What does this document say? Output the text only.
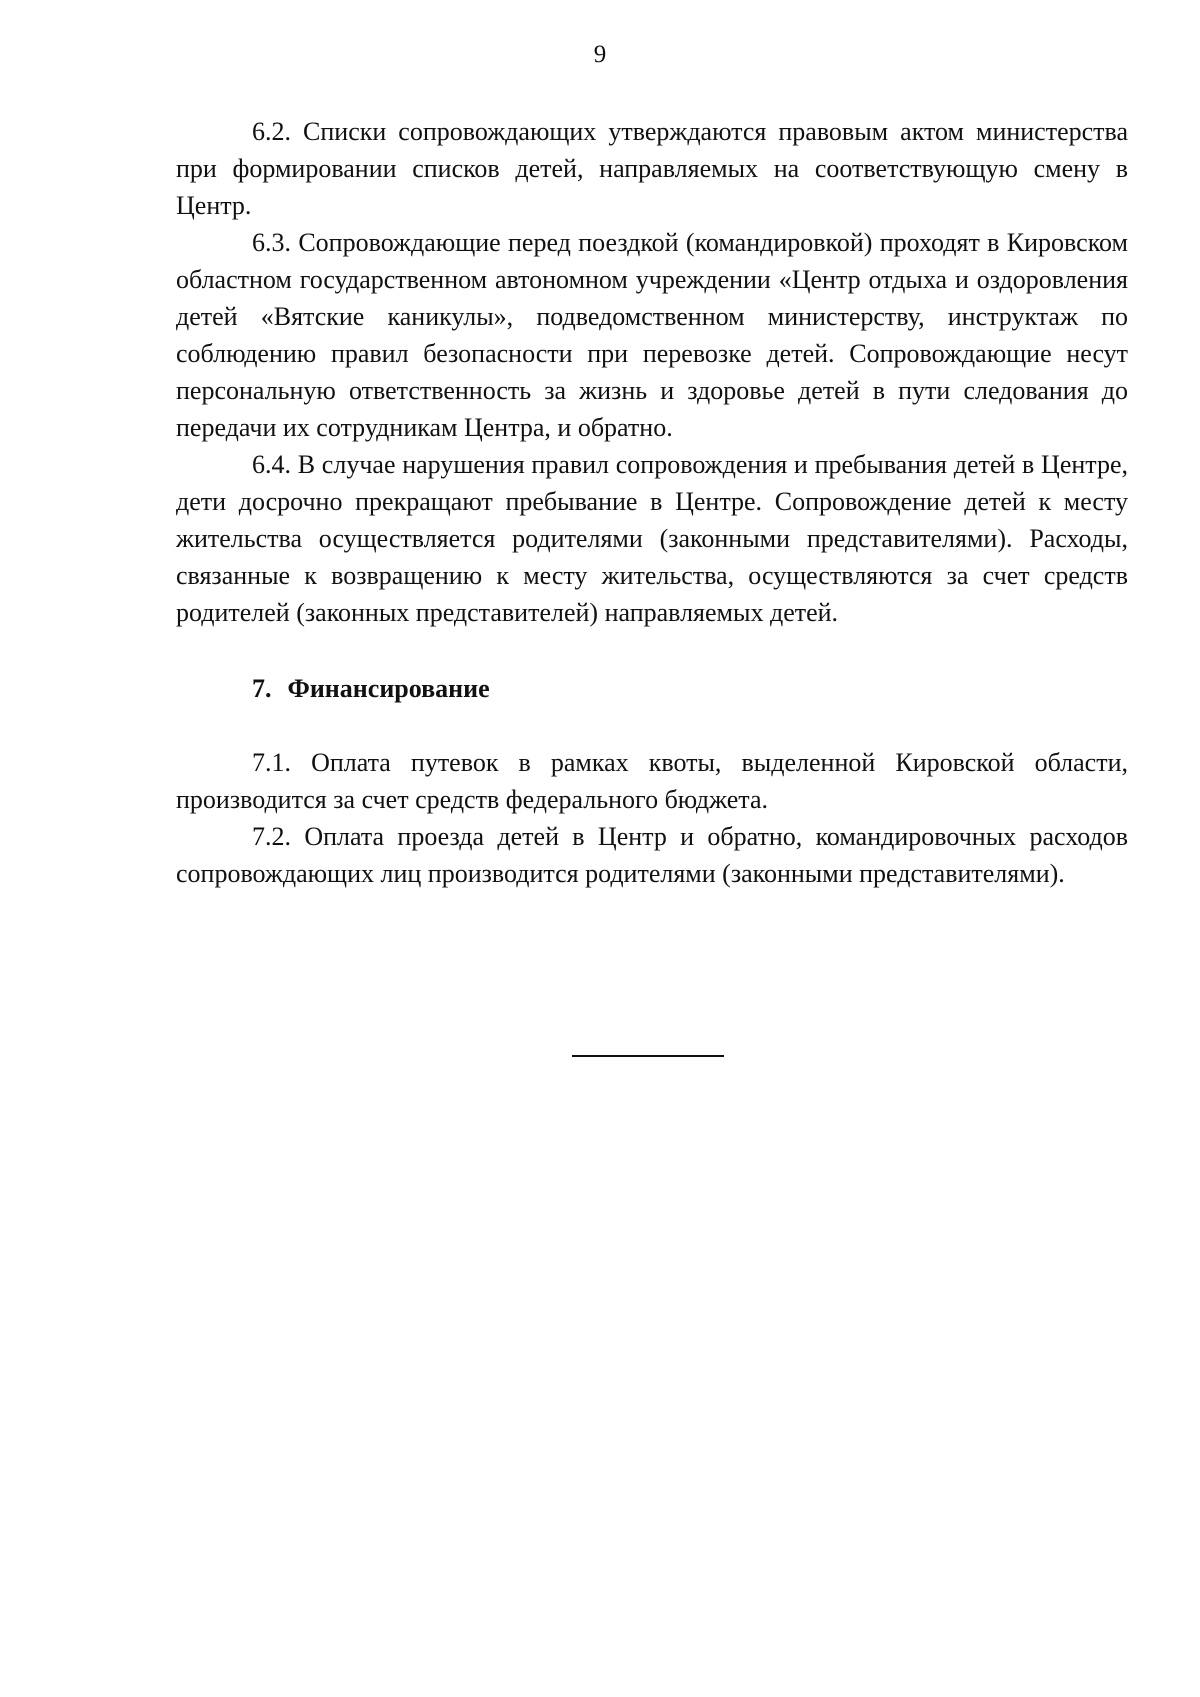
9

6.2. Списки сопровождающих утверждаются правовым актом министерства при формировании списков детей, направляемых на соответствующую смену в Центр.

6.3. Сопровождающие перед поездкой (командировкой) проходят в Кировском областном государственном автономном учреждении «Центр отдыха и оздоровления детей «Вятские каникулы», подведомственном министерству, инструктаж по соблюдению правил безопасности при перевозке детей. Сопровождающие несут персональную ответственность за жизнь и здоровье детей в пути следования до передачи их сотрудникам Центра, и обратно.

6.4. В случае нарушения правил сопровождения и пребывания детей в Центре, дети досрочно прекращают пребывание в Центре. Сопровождение детей к месту жительства осуществляется родителями (законными представителями). Расходы, связанные к возвращению к месту жительства, осуществляются за счет средств родителей (законных представителей) направляемых детей.

7. Финансирование

7.1. Оплата путевок в рамках квоты, выделенной Кировской области, производится за счет средств федерального бюджета.

7.2. Оплата проезда детей в Центр и обратно, командировочных расходов сопровождающих лиц производится родителями (законными представителями).
